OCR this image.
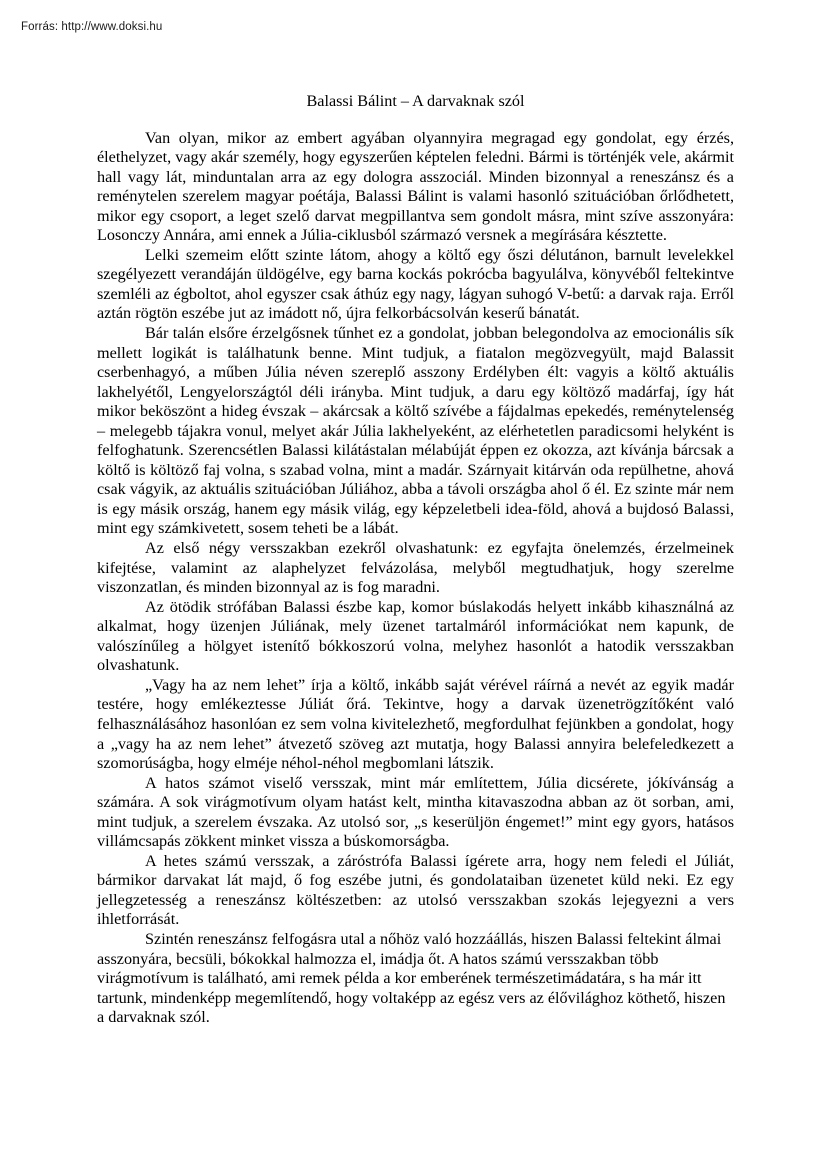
Forrás: http://www.doksi.hu
Balassi Bálint – A darvaknak szól

Van olyan, mikor az embert agyában olyannyira megragad egy gondolat, egy érzés, élethelyzet, vagy akár személy, hogy egyszerűen képtelen feledni. Bármi is történjék vele, akármit hall vagy lát, minduntalan arra az egy dologra asszociál. Minden bizonnyal a reneszánsz és a reménytelen szerelem magyar poétája, Balassi Bálint is valami hasonló szituációban őrlődhetett, mikor egy csoport, a leget szelő darvat megpillantva sem gondolt másra, mint szíve asszonyára: Losonczy Annára, ami ennek a Júlia-ciklusból származó versnek a megírására késztette.

Lelki szemeim előtt szinte látom, ahogy a költő egy őszi délutánon, barnult levelekkel szegélyezett verandáján üldögélve, egy barna kockás pokrócba bagyulálva, könyvéből feltekintve szemléli az égboltot, ahol egyszer csak áthúz egy nagy, lágyan suhogó V-betű: a darvak raja. Erről aztán rögtön eszébe jut az imádott nő, újra felkorbácsolván keserű bánatát.

Bár talán elsőre érzelgősnek tűnhet ez a gondolat, jobban belegondolva az emocionális sík mellett logikát is találhatunk benne. Mint tudjuk, a fiatalon megözvegyült, majd Balassit cserbenhagyó, a műben Júlia néven szereplő asszony Erdélyben élt: vagyis a költő aktuális lakhelyétől, Lengyelországtól déli irányba. Mint tudjuk, a daru egy költöző madárfaj, így hát mikor beköszönt a hideg évszak – akárcsak a költő szívébe a fájdalmas epekedés, reménytelenség – melegebb tájakra vonul, melyet akár Júlia lakhelyeként, az elérhetetlen paradicsomi helyként is felfoghatunk. Szerencsétlen Balassi kilátástalan mélabúját éppen ez okozza, azt kívánja bárcsak a költő is költöző faj volna, s szabad volna, mint a madár. Szárnyait kitárván oda repülhetne, ahová csak vágyik, az aktuális szituációban Júliához, abba a távoli országba ahol ő él. Ez szinte már nem is egy másik ország, hanem egy másik világ, egy képzeletbeli idea-föld, ahová a bujdosó Balassi, mint egy számkivetett, sosem teheti be a lábát.

Az első négy versszakban ezekről olvashatunk: ez egyfajta önelemzés, érzelmeinek kifejtése, valamint az alaphelyzet felvázolása, melyből megtudhatjuk, hogy szerelme viszonzatlan, és minden bizonnyal az is fog maradni.

Az ötödik strófában Balassi észbe kap, komor búslakodás helyett inkább kihasználná az alkalmat, hogy üzenjen Júliának, mely üzenet tartalmáról információkat nem kapunk, de valószínűleg a hölgyet istenítő bókkoszorú volna, melyhez hasonlót a hatodik versszakban olvashatunk.

„Vagy ha az nem lehet” írja a költő, inkább saját vérével ráírná a nevét az egyik madár testére, hogy emlékeztesse Júliát őrá. Tekintve, hogy a darvak üzenetrögzítőként való felhasználásához hasonlóan ez sem volna kivitelezhető, megfordulhat fejünkben a gondolat, hogy a „vagy ha az nem lehet” átvezető szöveg azt mutatja, hogy Balassi annyira belefeledkezett a szomorúságba, hogy elméje néhol-néhol megbomlani látszik.

A hatos számot viselő versszak, mint már említettem, Júlia dicsérete, jókívánság a számára. A sok virágmotívum olyam hatást kelt, mintha kitavaszodna abban az öt sorban, ami, mint tudjuk, a szerelem évszaka. Az utolsó sor, „s keserüljön éngemet!” mint egy gyors, hatásos villámcsapás zökkent minket vissza a búskomorságba.

A hetes számú versszak, a záróstrófa Balassi ígérete arra, hogy nem feledi el Júliát, bármikor darvakat lát majd, ő fog eszébe jutni, és gondolataiban üzenetet küld neki. Ez egy jellegzetesség a reneszánsz költészetben: az utolsó versszakban szokás lejegyezni a vers ihletforrását.

Szintén reneszánsz felfogásra utal a nőhöz való hozzáállás, hiszen Balassi feltekint álmai asszonyára, becsüli, bókokkal halmozza el, imádja őt. A hatos számú versszakban több virágmotívum is található, ami remek példa a kor emberének természetimádatára, s ha már itt tartunk, mindenképp megemlítendő, hogy voltaképp az egész vers az élővilághoz köthető, hiszen a darvaknak szól.
